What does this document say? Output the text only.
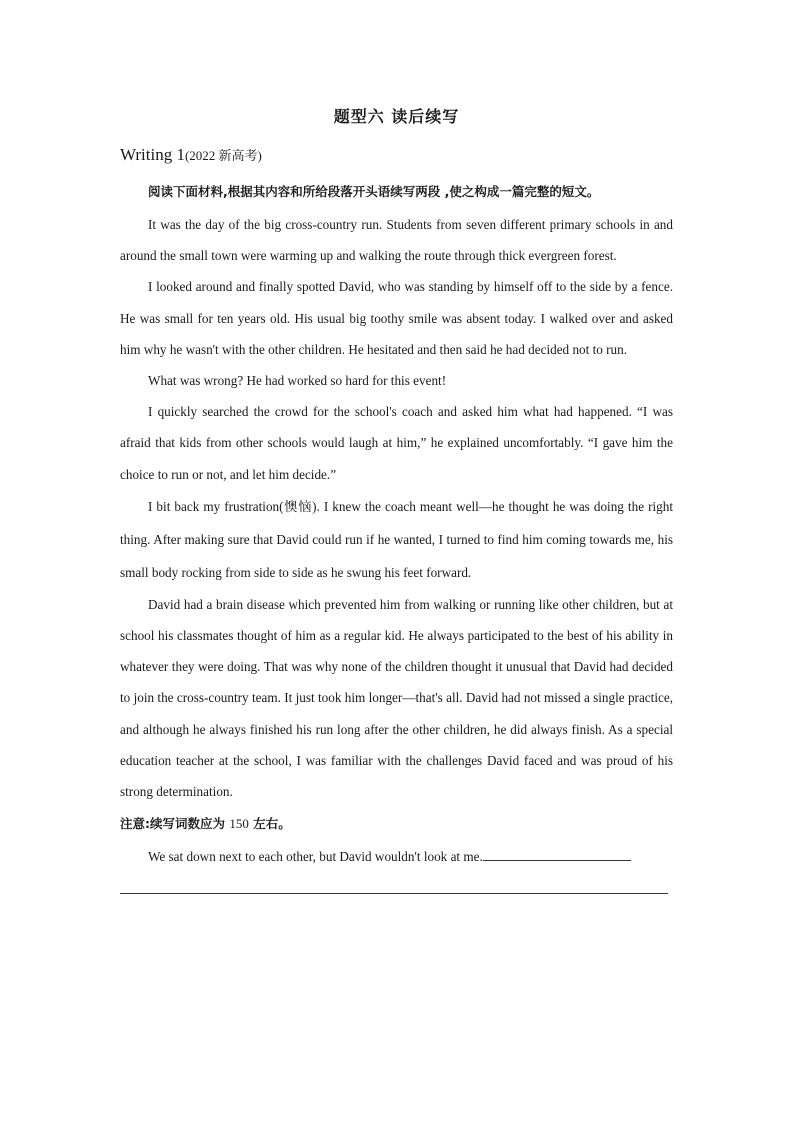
题型六 读后续写
Writing 1(2022 新高考)
阅读下面材料,根据其内容和所给段落开头语续写两段 ,使之构成一篇完整的短文。

It was the day of the big cross-country run. Students from seven different primary schools in and around the small town were warming up and walking the route through thick evergreen forest.

I looked around and finally spotted David, who was standing by himself off to the side by a fence. He was small for ten years old. His usual big toothy smile was absent today. I walked over and asked him why he wasn't with the other children. He hesitated and then said he had decided not to run.

What was wrong? He had worked so hard for this event!

I quickly searched the crowd for the school's coach and asked him what had happened. “I was afraid that kids from other schools would laugh at him,” he explained uncomfortably. “I gave him the choice to run or not, and let him decide.”

I bit back my frustration(懊恼). I knew the coach meant well—he thought he was doing the right thing. After making sure that David could run if he wanted, I turned to find him coming towards me, his small body rocking from side to side as he swung his feet forward.

David had a brain disease which prevented him from walking or running like other children, but at school his classmates thought of him as a regular kid. He always participated to the best of his ability in whatever they were doing. That was why none of the children thought it unusual that David had decided to join the cross-country team. It just took him longer—that's all. David had not missed a single practice, and although he always finished his run long after the other children, he did always finish. As a special education teacher at the school, I was familiar with the challenges David faced and was proud of his strong determination.

注意:续写词数应为 150 左右。

We sat down next to each other, but David wouldn't look at me.
